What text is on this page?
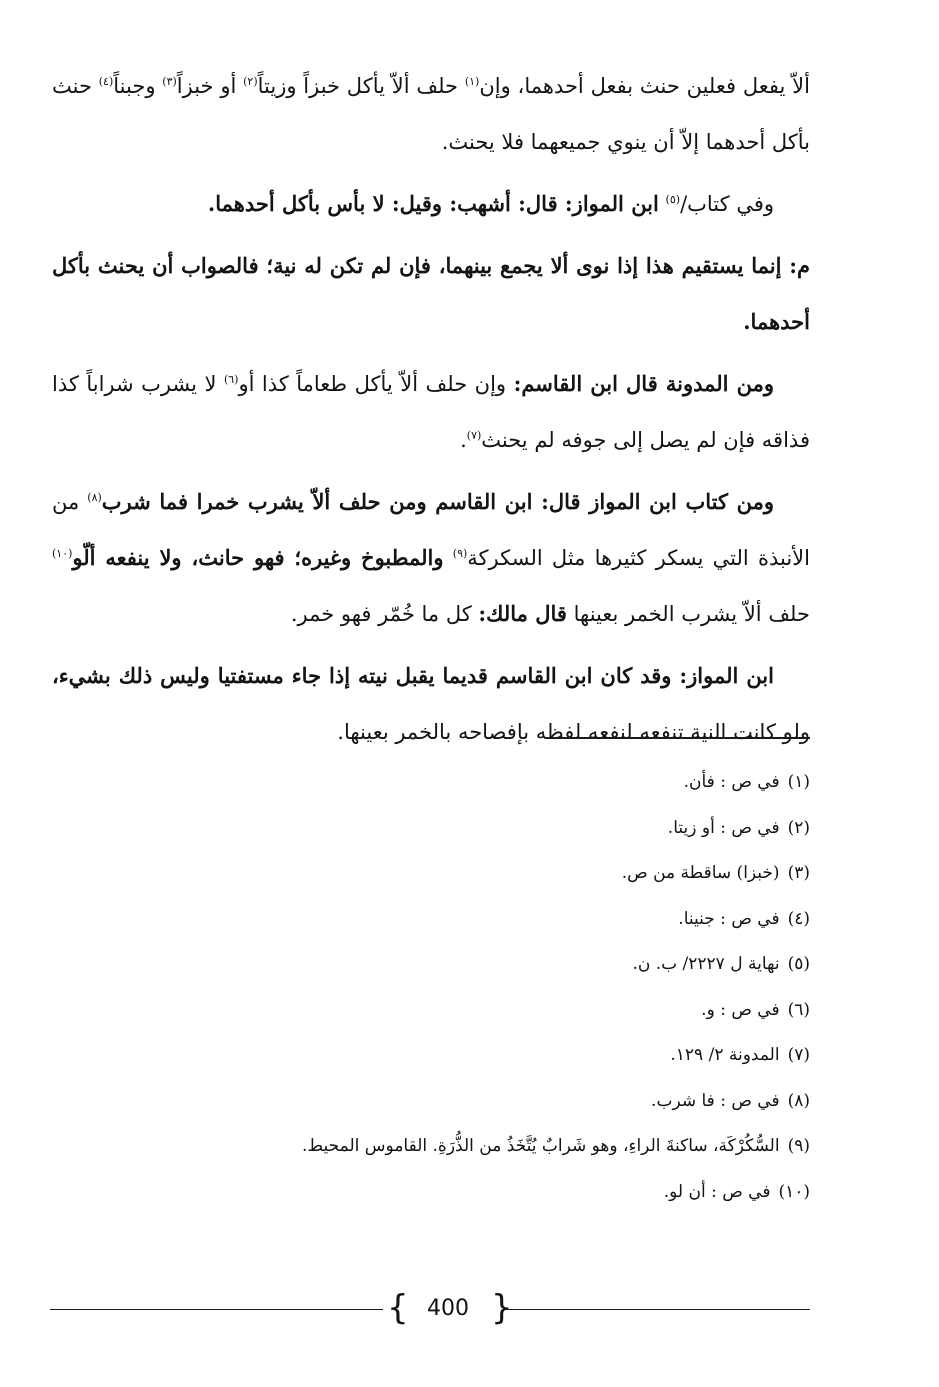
ألاّ يفعل فعلين حنث بفعل أحدهما، وإن$^{(١)}$ حلف ألاّ يأكل خبزاً وزيتاً$^{(٢)}$ أو خبزاً$^{(٣)}$ وجبناً$^{(٤)}$ حنث بأكل أحدهما إلاّ أن ينوي جميعهما فلا يحنث.

وفي كتاب/$^{(٥)}$ ابن المواز: قال: أشهب: وقيل: لا بأس بأكل أحدهما.

م: إنما يستقيم هذا إذا نوى ألا يجمع بينهما، فإن لم تكن له نية؛ فالصواب أن يحنث بأكل أحدهما.

ومن المدونة قال ابن القاسم: وإن حلف ألاّ يأكل طعاماً كذا أو$^{(٦)}$ لا يشرب شراباً كذا فذاقه فإن لم يصل إلى جوفه لم يحنث$^{(٧)}$.

ومن كتاب ابن المواز قال: ابن القاسم ومن حلف ألاّ يشرب خمرا فما شرب$^{(٨)}$ من الأنبذة التي يسكر كثيرها مثل السكركة$^{(٩)}$ والمطبوخ وغيره؛ فهو حانث، ولا ينفعه ألّو$^{(١٠)}$ حلف ألاّ يشرب الخمر بعينها قال مالك: كل ما خُمّر فهو خمر.

ابن المواز: وقد كان ابن القاسم قديما يقبل نيته إذا جاء مستفتيا وليس ذلك بشيء، ولو كانت النية تنفعه لنفعه لفظه بإفصاحه بالخمر بعينها.

(١)في ص : فأن.
(٢)في ص : أو زيتا.
(٣)(خبزا) ساقطة من ص.
(٤)في ص : جنينا.
(٥)نهاية ل ٢٢٢٧/ ب. ن.
(٦)في ص : و.
(٧)المدونة ٢/ ١٢٩.
(٨)في ص : فا شرب.
(٩)السُّكُرْكَة، ساكنةَ الراءِ، وهو شَرابٌ يُتَّخَذُ من الذُّرَةِ. القاموس المحيط.
(١٠)في ص : أن لو.
{ 400 }
